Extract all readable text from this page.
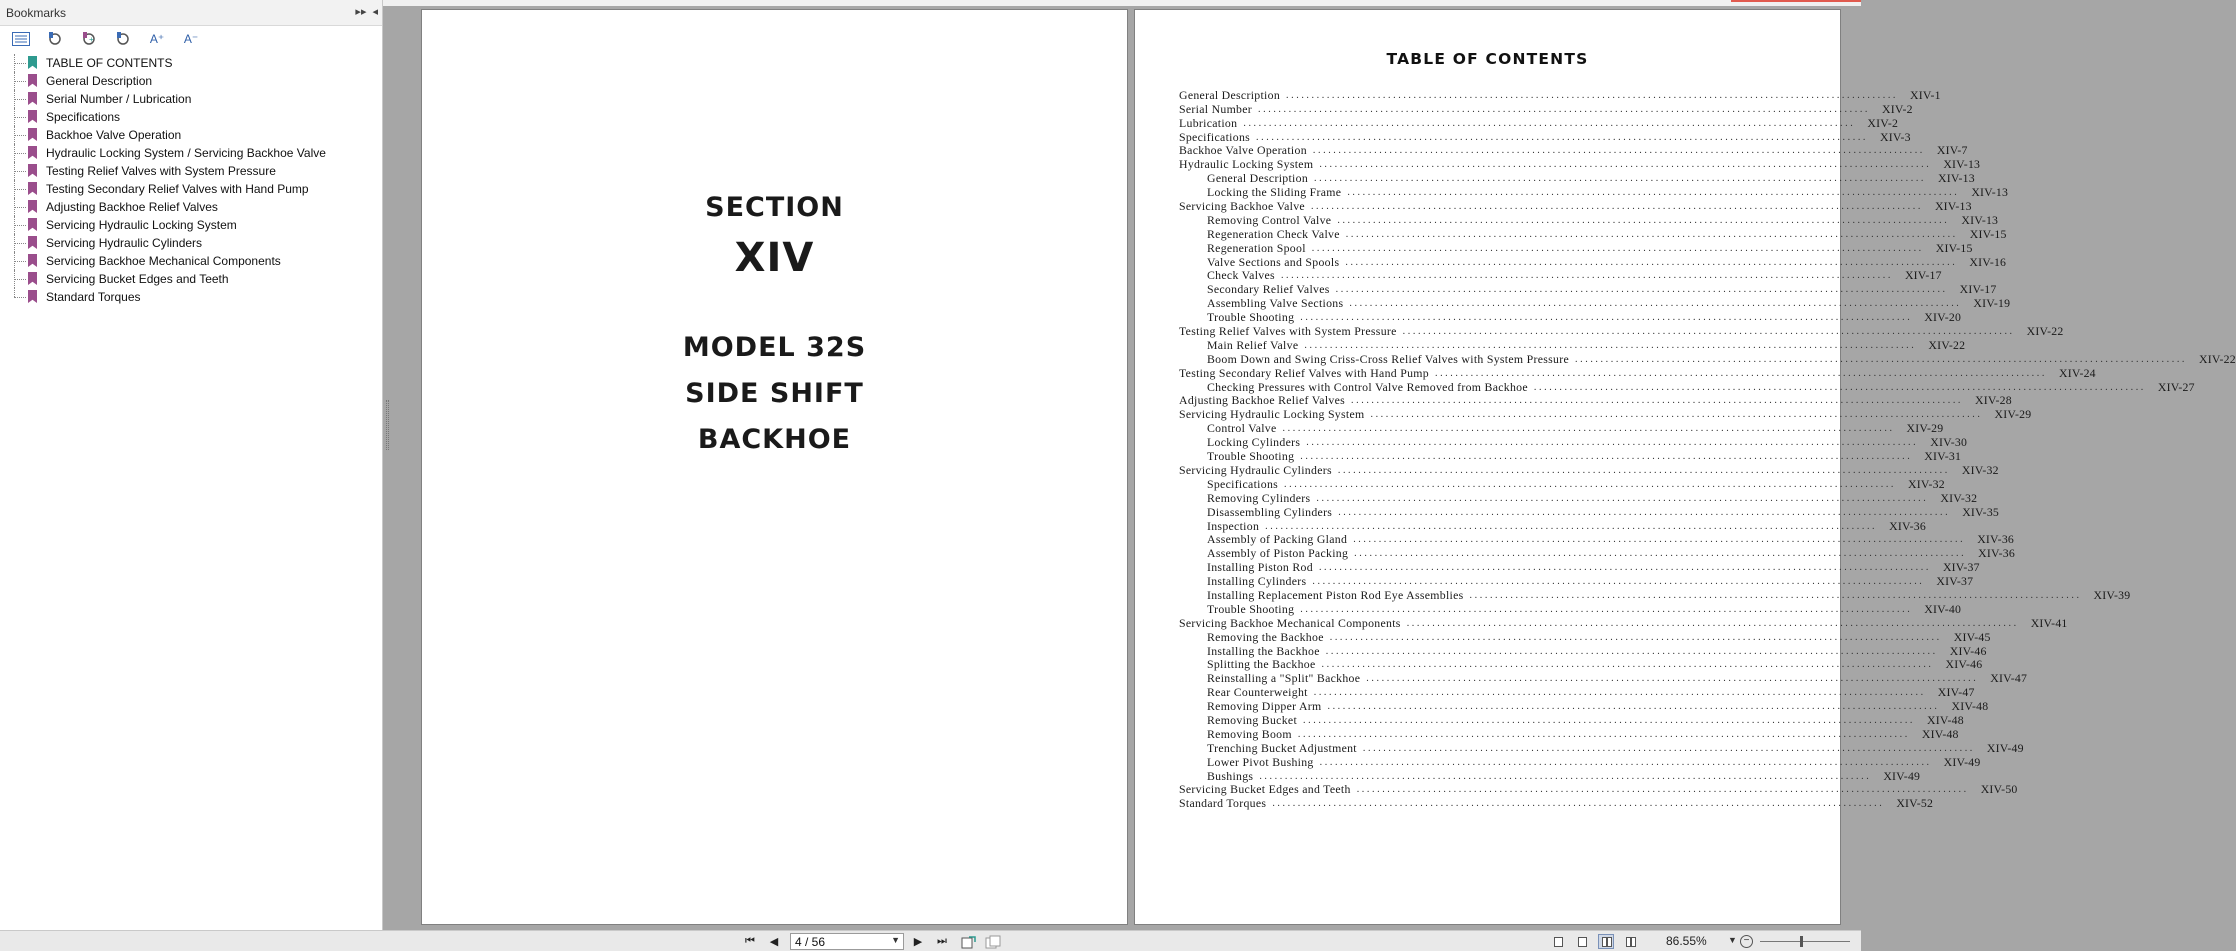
Bookmarks	▸▸ ◂
+	A⁺	A⁻
TABLE OF CONTENTS
General Description
Serial Number / Lubrication
Specifications
Backhoe Valve Operation
Hydraulic Locking System / Servicing Backhoe Valve
Testing Relief Valves with System Pressure
Testing Secondary Relief Valves with Hand Pump
Adjusting Backhoe Relief Valves
Servicing Hydraulic Locking System
Servicing Hydraulic Cylinders
Servicing Backhoe Mechanical Components
Servicing Bucket Edges and Teeth
Standard Torques
SECTION
XIV
MODEL 32S
SIDE SHIFT
BACKHOE
TABLE OF CONTENTS
General Description ........................................................................................................................ XIV-1
Serial Number ........................................................................................................................ XIV-2
Lubrication ........................................................................................................................ XIV-2
Specifications ........................................................................................................................ XIV-3
Backhoe Valve Operation ........................................................................................................................ XIV-7
Hydraulic Locking System ........................................................................................................................ XIV-13
General Description ........................................................................................................................ XIV-13
Locking the Sliding Frame ........................................................................................................................ XIV-13
Servicing Backhoe Valve ........................................................................................................................ XIV-13
Removing Control Valve ........................................................................................................................ XIV-13
Regeneration Check Valve ........................................................................................................................ XIV-15
Regeneration Spool ........................................................................................................................ XIV-15
Valve Sections and Spools ........................................................................................................................ XIV-16
Check Valves ........................................................................................................................ XIV-17
Secondary Relief Valves ........................................................................................................................ XIV-17
Assembling Valve Sections ........................................................................................................................ XIV-19
Trouble Shooting ........................................................................................................................ XIV-20
Testing Relief Valves with System Pressure ........................................................................................................................ XIV-22
Main Relief Valve ........................................................................................................................ XIV-22
Boom Down and Swing Criss-Cross Relief Valves with System Pressure ........................................................................................................................ XIV-22
Testing Secondary Relief Valves with Hand Pump ........................................................................................................................ XIV-24
Checking Pressures with Control Valve Removed from Backhoe ........................................................................................................................ XIV-27
Adjusting Backhoe Relief Valves ........................................................................................................................ XIV-28
Servicing Hydraulic Locking System ........................................................................................................................ XIV-29
Control Valve ........................................................................................................................ XIV-29
Locking Cylinders ........................................................................................................................ XIV-30
Trouble Shooting ........................................................................................................................ XIV-31
Servicing Hydraulic Cylinders ........................................................................................................................ XIV-32
Specifications ........................................................................................................................ XIV-32
Removing Cylinders ........................................................................................................................ XIV-32
Disassembling Cylinders ........................................................................................................................ XIV-35
Inspection ........................................................................................................................ XIV-36
Assembly of Packing Gland ........................................................................................................................ XIV-36
Assembly of Piston Packing ........................................................................................................................ XIV-36
Installing Piston Rod ........................................................................................................................ XIV-37
Installing Cylinders ........................................................................................................................ XIV-37
Installing Replacement Piston Rod Eye Assemblies ........................................................................................................................ XIV-39
Trouble Shooting ........................................................................................................................ XIV-40
Servicing Backhoe Mechanical Components ........................................................................................................................ XIV-41
Removing the Backhoe ........................................................................................................................ XIV-45
Installing the Backhoe ........................................................................................................................ XIV-46
Splitting the Backhoe ........................................................................................................................ XIV-46
Reinstalling a "Split" Backhoe ........................................................................................................................ XIV-47
Rear Counterweight ........................................................................................................................ XIV-47
Removing Dipper Arm ........................................................................................................................ XIV-48
Removing Bucket ........................................................................................................................ XIV-48
Removing Boom ........................................................................................................................ XIV-48
Trenching Bucket Adjustment ........................................................................................................................ XIV-49
Lower Pivot Bushing ........................................................................................................................ XIV-49
Bushings ........................................................................................................................ XIV-49
Servicing Bucket Edges and Teeth ........................................................................................................................ XIV-50
Standard Torques ........................................................................................................................ XIV-52
⏮	◀	4 / 56	▼	▶	⏭	86.55% ▼ −
